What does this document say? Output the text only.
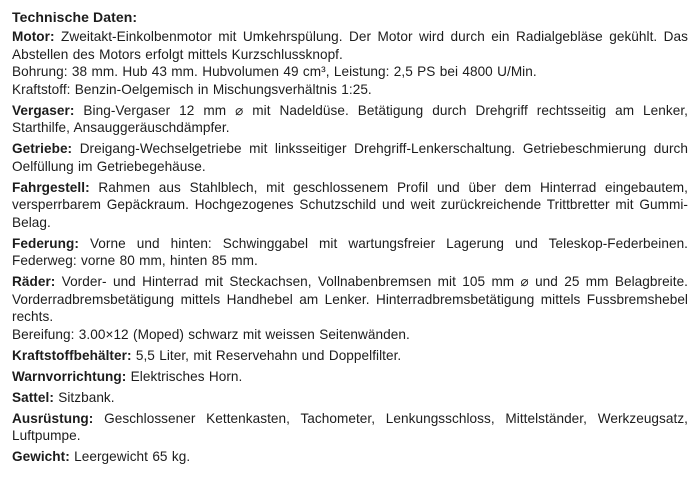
Technische Daten:
Motor: Zweitakt-Einkolbenmotor mit Umkehrspülung. Der Motor wird durch ein Radialgebläse gekühlt. Das Abstellen des Motors erfolgt mittels Kurzschlussknopf.
Bohrung: 38 mm. Hub 43 mm. Hubvolumen 49 cm³, Leistung: 2,5 PS bei 4800 U/Min.
Kraftstoff: Benzin-Oelgemisch in Mischungsverhältnis 1:25.
Vergaser: Bing-Vergaser 12 mm ⌀ mit Nadeldüse. Betätigung durch Drehgriff rechtsseitig am Lenker, Starthilfe, Ansauggeräuschdämpfer.
Getriebe: Dreigang-Wechselgetriebe mit linksseitiger Drehgriff-Lenkerschaltung. Getriebeschmierung durch Oelfüllung im Getriebegehäuse.
Fahrgestell: Rahmen aus Stahlblech, mit geschlossenem Profil und über dem Hinterrad eingebautem, versperrbarem Gepäckraum. Hochgezogenes Schutzschild und weit zurückreichende Trittbretter mit Gummi-Belag.
Federung: Vorne und hinten: Schwinggabel mit wartungsfreier Lagerung und Teleskop-Federbeinen. Federweg: vorne 80 mm, hinten 85 mm.
Räder: Vorder- und Hinterrad mit Steckachsen, Vollnabenbremsen mit 105 mm ⌀ und 25 mm Belagbreite. Vorderradbremsbetätigung mittels Handhebel am Lenker. Hinterradbremsbetätigung mittels Fussbremshebel rechts.
Bereifung: 3.00×12 (Moped) schwarz mit weissen Seitenwänden.
Kraftstoffbehälter: 5,5 Liter, mit Reservehahn und Doppelfilter.
Warnvorrichtung: Elektrisches Horn.
Sattel: Sitzbank.
Ausrüstung: Geschlossener Kettenkasten, Tachometer, Lenkungsschloss, Mittelständer, Werkzeugsatz, Luftpumpe.
Gewicht: Leergewicht 65 kg.
